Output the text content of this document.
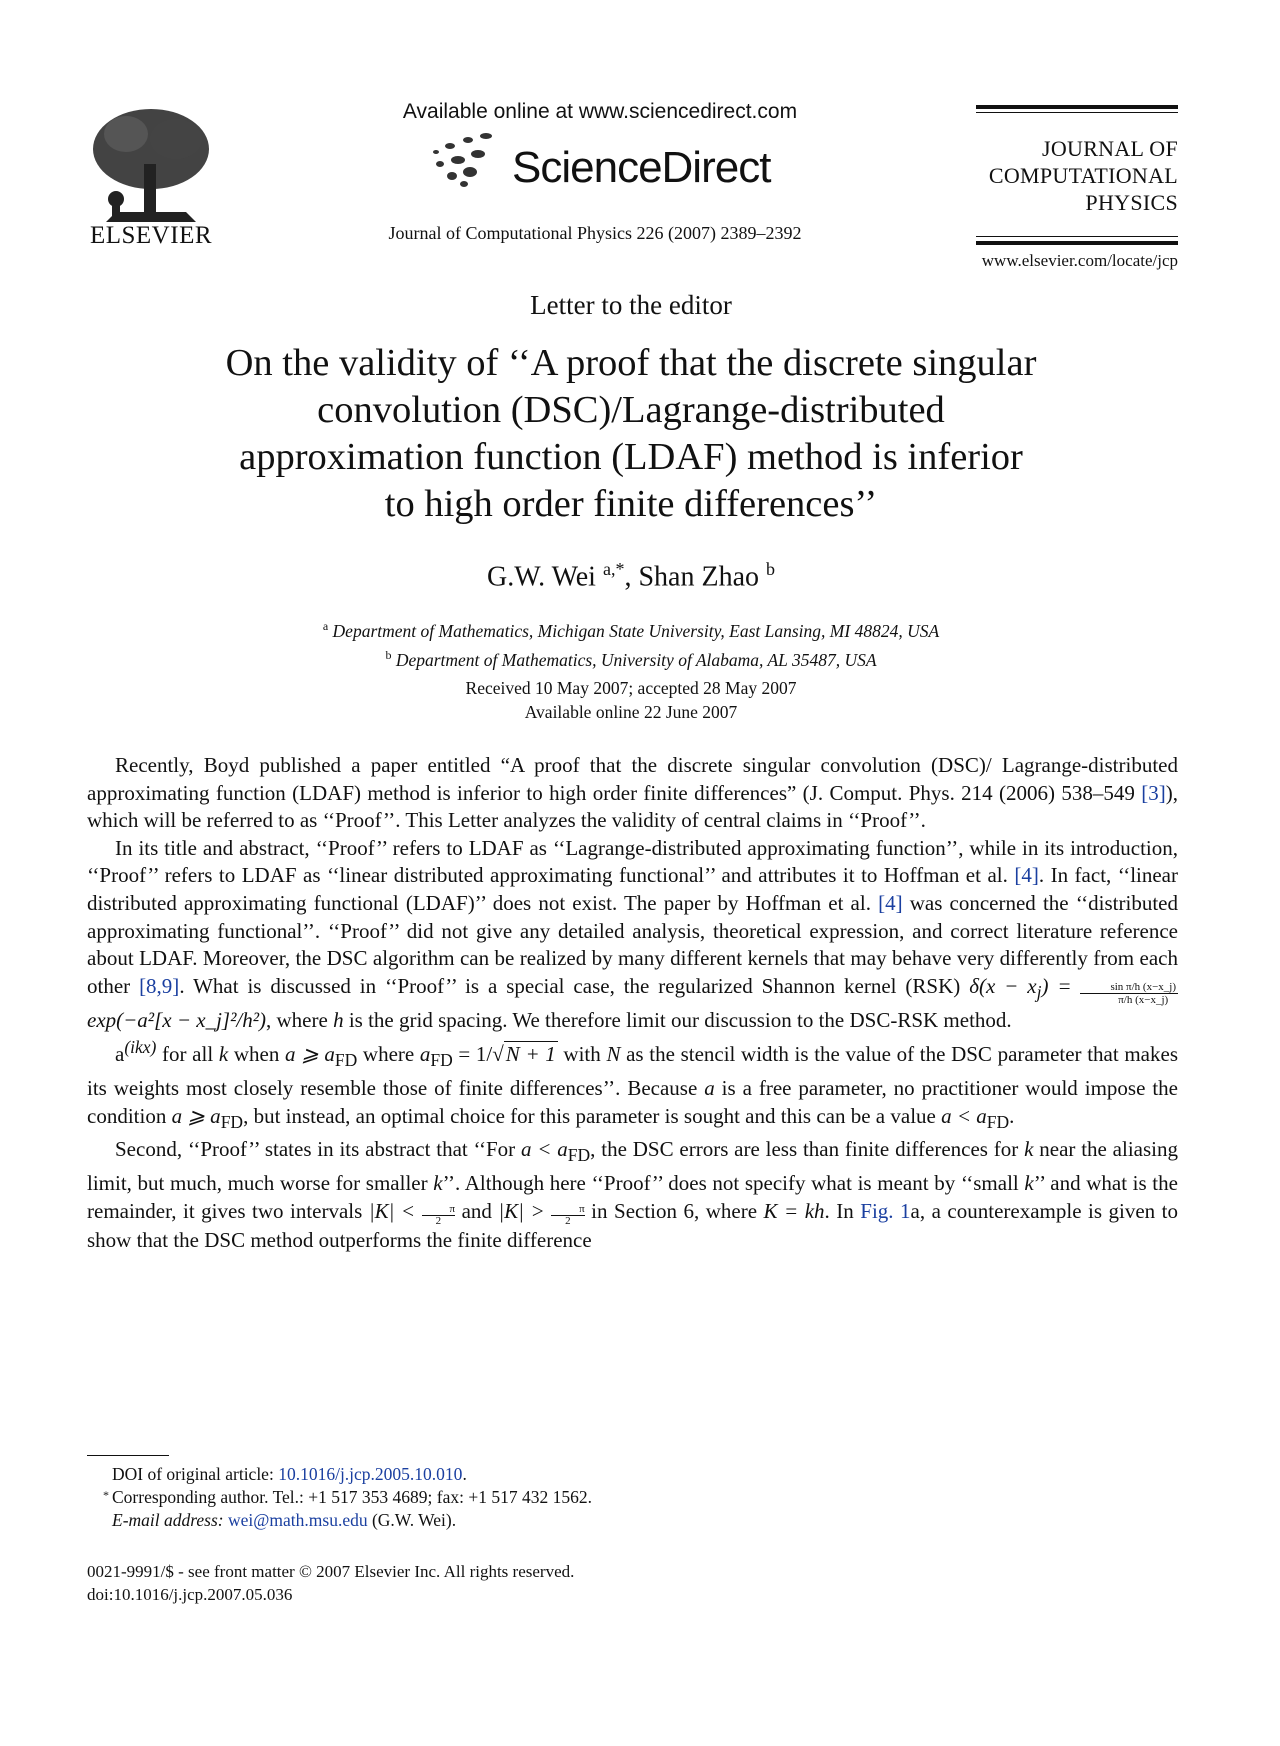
ELSEVIER
Available online at www.sciencedirect.com
ScienceDirect
Journal of Computational Physics 226 (2007) 2389–2392
JOURNAL OF
COMPUTATIONAL
PHYSICS
www.elsevier.com/locate/jcp
Letter to the editor
On the validity of ‘‘A proof that the discrete singular
convolution (DSC)/Lagrange-distributed
approximation function (LDAF) method is inferior
to high order finite differences’’
G.W. Wei $^{a,*}$, Shan Zhao $^b$
$^a$ Department of Mathematics, Michigan State University, East Lansing, MI 48824, USA
$^b$ Department of Mathematics, University of Alabama, AL 35487, USA
Received 10 May 2007; accepted 28 May 2007
Available online 22 June 2007

Recently, Boyd published a paper entitled “A proof that the discrete singular convolution (DSC)/ Lagrange-distributed approximating function (LDAF) method is inferior to high order finite differences” (J. Comput. Phys. 214 (2006) 538–549 [3]), which will be referred to as ‘‘Proof’’. This Letter analyzes the validity of central claims in ‘‘Proof’’.

In its title and abstract, ‘‘Proof’’ refers to LDAF as ‘‘Lagrange-distributed approximating function’’, while in its introduction, ‘‘Proof’’ refers to LDAF as ‘‘linear distributed approximating functional’’ and attributes it to Hoffman et al. [4]. In fact, ‘‘linear distributed approximating functional (LDAF)’’ does not exist. The paper by Hoffman et al. [4] was concerned the ‘‘distributed approximating functional’’. ‘‘Proof’’ did not give any detailed analysis, theoretical expression, and correct literature reference about LDAF. Moreover, the DSC algorithm can be realized by many different kernels that may behave very differently from each other [8,9]. What is discussed in ‘‘Proof’’ is a special case, the regularized Shannon kernel (RSK) $\delta(x - x_j) = \frac{\text{sin π/h (x−x\_j)}}{\pi/h (x-x\_j)}$
exp(−a²[x − x_j]²/h²), where h is the grid spacing. We therefore limit our discussion to the DSC-RSK method.

$a^{(ikx)}$ for all k when a ⩾ $a_{FD}$ where $a_{FD} = 1/√N + 1$ with N as the stencil width is the value of the DSC parameter that makes its weights most closely resemble those of finite differences’’. Because a is a free parameter, no practitioner would impose the condition a ⩾ $a_{FD}$, but instead, an optimal choice for this parameter is sought and this can be a value $a < a_{FD}$.

Second, ‘‘Proof’’ states in its abstract that ‘‘For $a < a_{FD}$, the DSC errors are less than finite differences for k near the aliasing limit, but much, much worse for smaller k’’. Although here ‘‘Proof’’ does not specify what is meant by ‘‘small k’’ and what is the remainder, it gives two intervals $|K| < \frac{\pi}{2}$ and $|K| > \frac{\pi}{2}$ in Section 6, where K = kh. In Fig. 1a, a counterexample is given to show that the DSC method outperforms the finite difference

DOI of original article: 10.1016/j.jcp.2005.10.010.
* Corresponding author. Tel.: +1 517 353 4689; fax: +1 517 432 1562.
E-mail address: wei@math.msu.edu (G.W. Wei).
0021-9991/$ - see front matter © 2007 Elsevier Inc. All rights reserved.
doi:10.1016/j.jcp.2007.05.036
